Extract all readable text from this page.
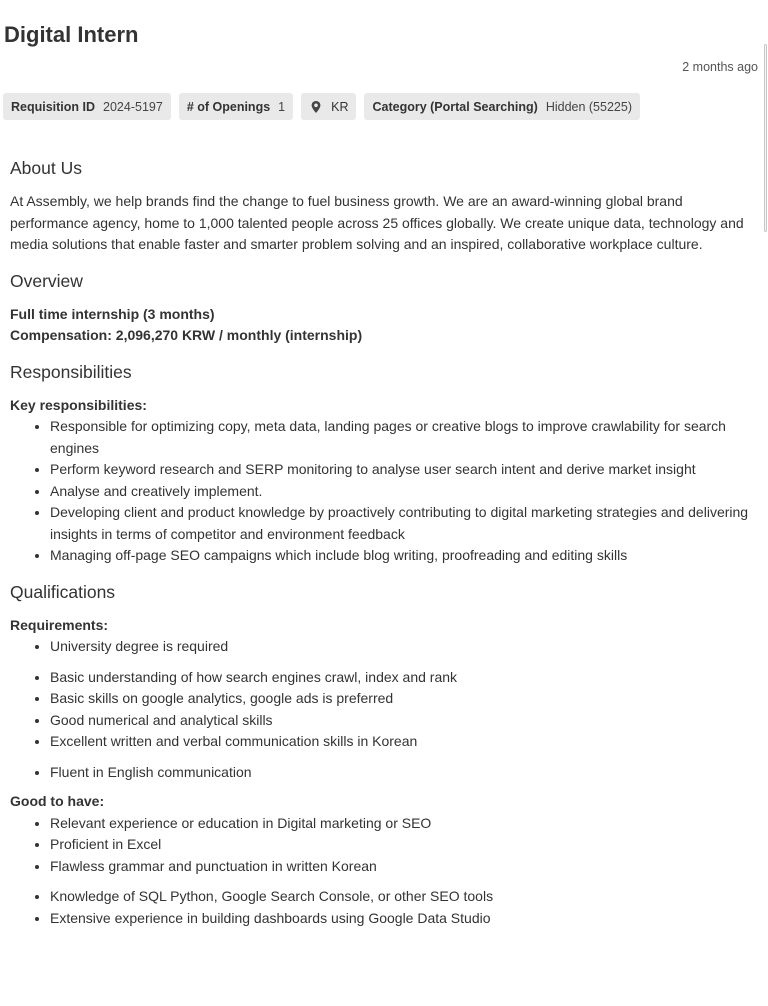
Digital Intern
2 months ago
Requisition ID 2024-5197 # of Openings 1	KR Category (Portal Searching) Hidden (55225)
About Us

At Assembly, we help brands find the change to fuel business growth. We are an award-winning global brand performance agency, home to 1,000 talented people across 25 offices globally. We create unique data, technology and media solutions that enable faster and smarter problem solving and an inspired, collaborative workplace culture.

Overview

Full time internship (3 months)

Compensation: 2,096,270 KRW / monthly (internship)

Responsibilities

Key responsibilities:

• Responsible for optimizing copy, meta data, landing pages or creative blogs to improve crawlability for search engines
• Perform keyword research and SERP monitoring to analyse user search intent and derive market insight
• Analyse and creatively implement.
• Developing client and product knowledge by proactively contributing to digital marketing strategies and delivering insights in terms of competitor and environment feedback
• Managing off-page SEO campaigns which include blog writing, proofreading and editing skills
Qualifications

Requirements:

• University degree is required
• Basic understanding of how search engines crawl, index and rank
• Basic skills on google analytics, google ads is preferred
• Good numerical and analytical skills
• Excellent written and verbal communication skills in Korean
• Fluent in English communication

Good to have:

• Relevant experience or education in Digital marketing or SEO
• Proficient in Excel
• Flawless grammar and punctuation in written Korean
• Knowledge of SQL Python, Google Search Console, or other SEO tools
• Extensive experience in building dashboards using Google Data Studio
